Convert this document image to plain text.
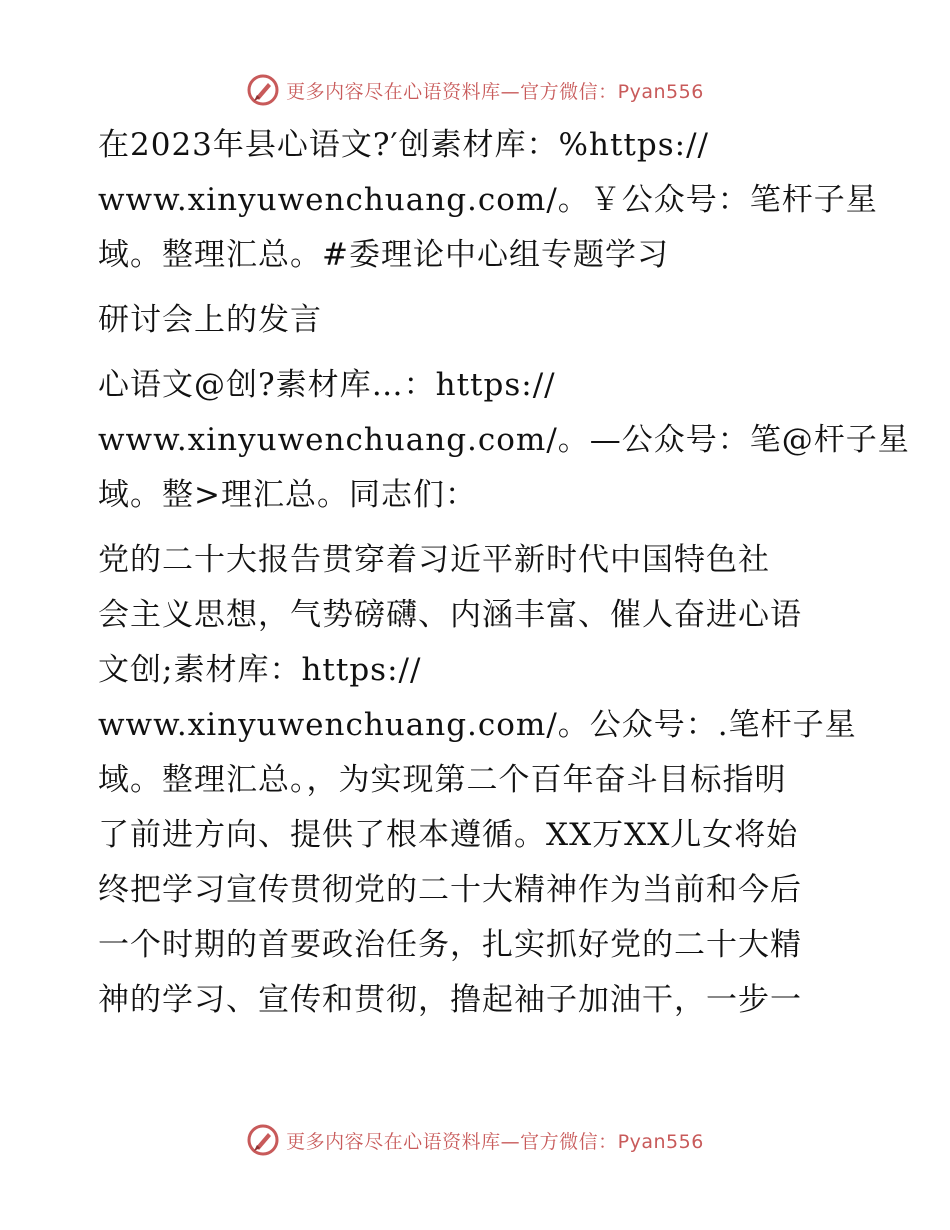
更多内容尽在心语资料库—官方微信：Pyan556

在2023年县心语文?′创素材库：%https://
www.xinyuwenchuang.com/。￥公众号：笔杆子星
域。整理汇总。#委理论中心组专题学习

研讨会上的发言

心语文@创?素材库…：https://
www.xinyuwenchuang.com/。—公众号：笔@杆子星
域。整>理汇总。同志们：

党的二十大报告贯穿着习近平新时代中国特色社
会主义思想，气势磅礴、内涵丰富、催人奋进心语
文创;素材库：https://
www.xinyuwenchuang.com/。公众号：.笔杆子星
域。整理汇总。，为实现第二个百年奋斗目标指明
了前进方向、提供了根本遵循。XX万XX儿女将始
终把学习宣传贯彻党的二十大精神作为当前和今后
一个时期的首要政治任务，扎实抓好党的二十大精
神的学习、宣传和贯彻，撸起袖子加油干，一步一

更多内容尽在心语资料库—官方微信：Pyan556
